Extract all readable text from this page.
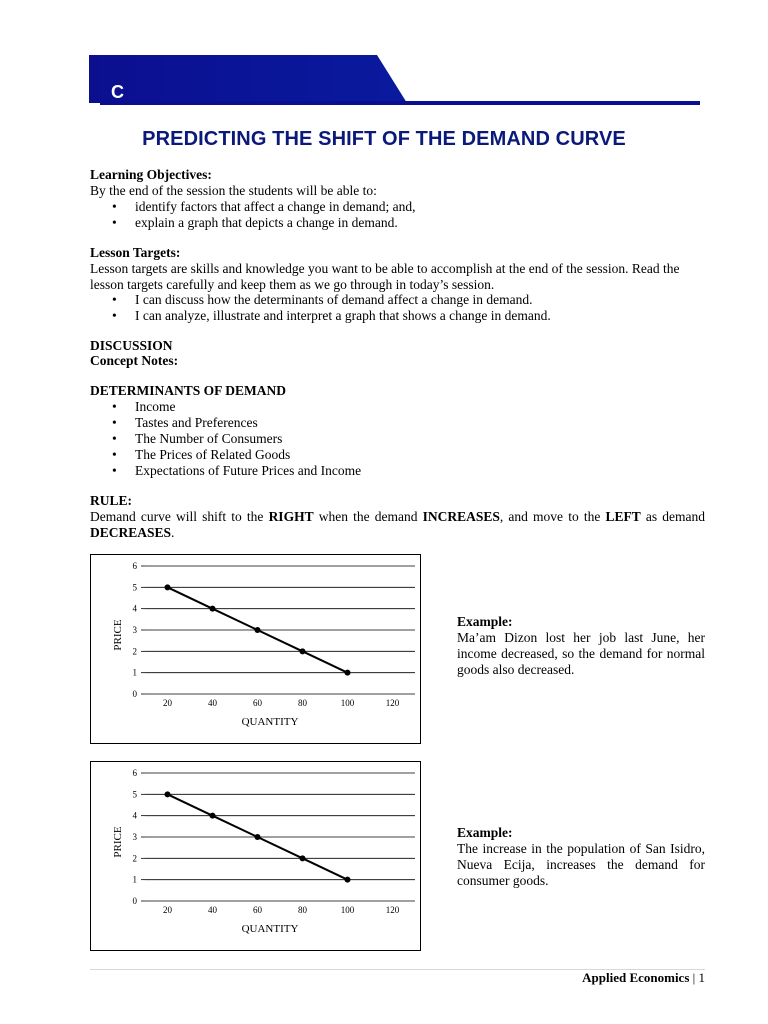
C
PREDICTING THE SHIFT OF THE DEMAND CURVE
Learning Objectives:
By the end of the session the students will be able to:
• identify factors that affect a change in demand; and,
• explain a graph that depicts a change in demand.
Lesson Targets:
Lesson targets are skills and knowledge you want to be able to accomplish at the end of the session. Read the lesson targets carefully and keep them as we go through in today’s session.
• I can discuss how the determinants of demand affect a change in demand.
• I can analyze, illustrate and interpret a graph that shows a change in demand.
DISCUSSION
Concept Notes:
DETERMINANTS OF DEMAND
• Income
• Tastes and Preferences
• The Number of Consumers
• The Prices of Related Goods
• Expectations of Future Prices and Income
RULE:
Demand curve will shift to the RIGHT when the demand INCREASES, and move to the LEFT as demand DECREASES.
0
1
2
3
4
5
6
20	40	60	80	100	120
QUANTITY
PRICE	Example:
Ma’am Dizon lost her job last June, her income decreased, so the demand for normal goods also decreased.
0
1
2
3
4
5
6
20	40	60	80	100	120
QUANTITY
PRICE	Example:
The increase in the population of San Isidro, Nueva Ecija, increases the demand for consumer goods.
Applied Economics | 1
